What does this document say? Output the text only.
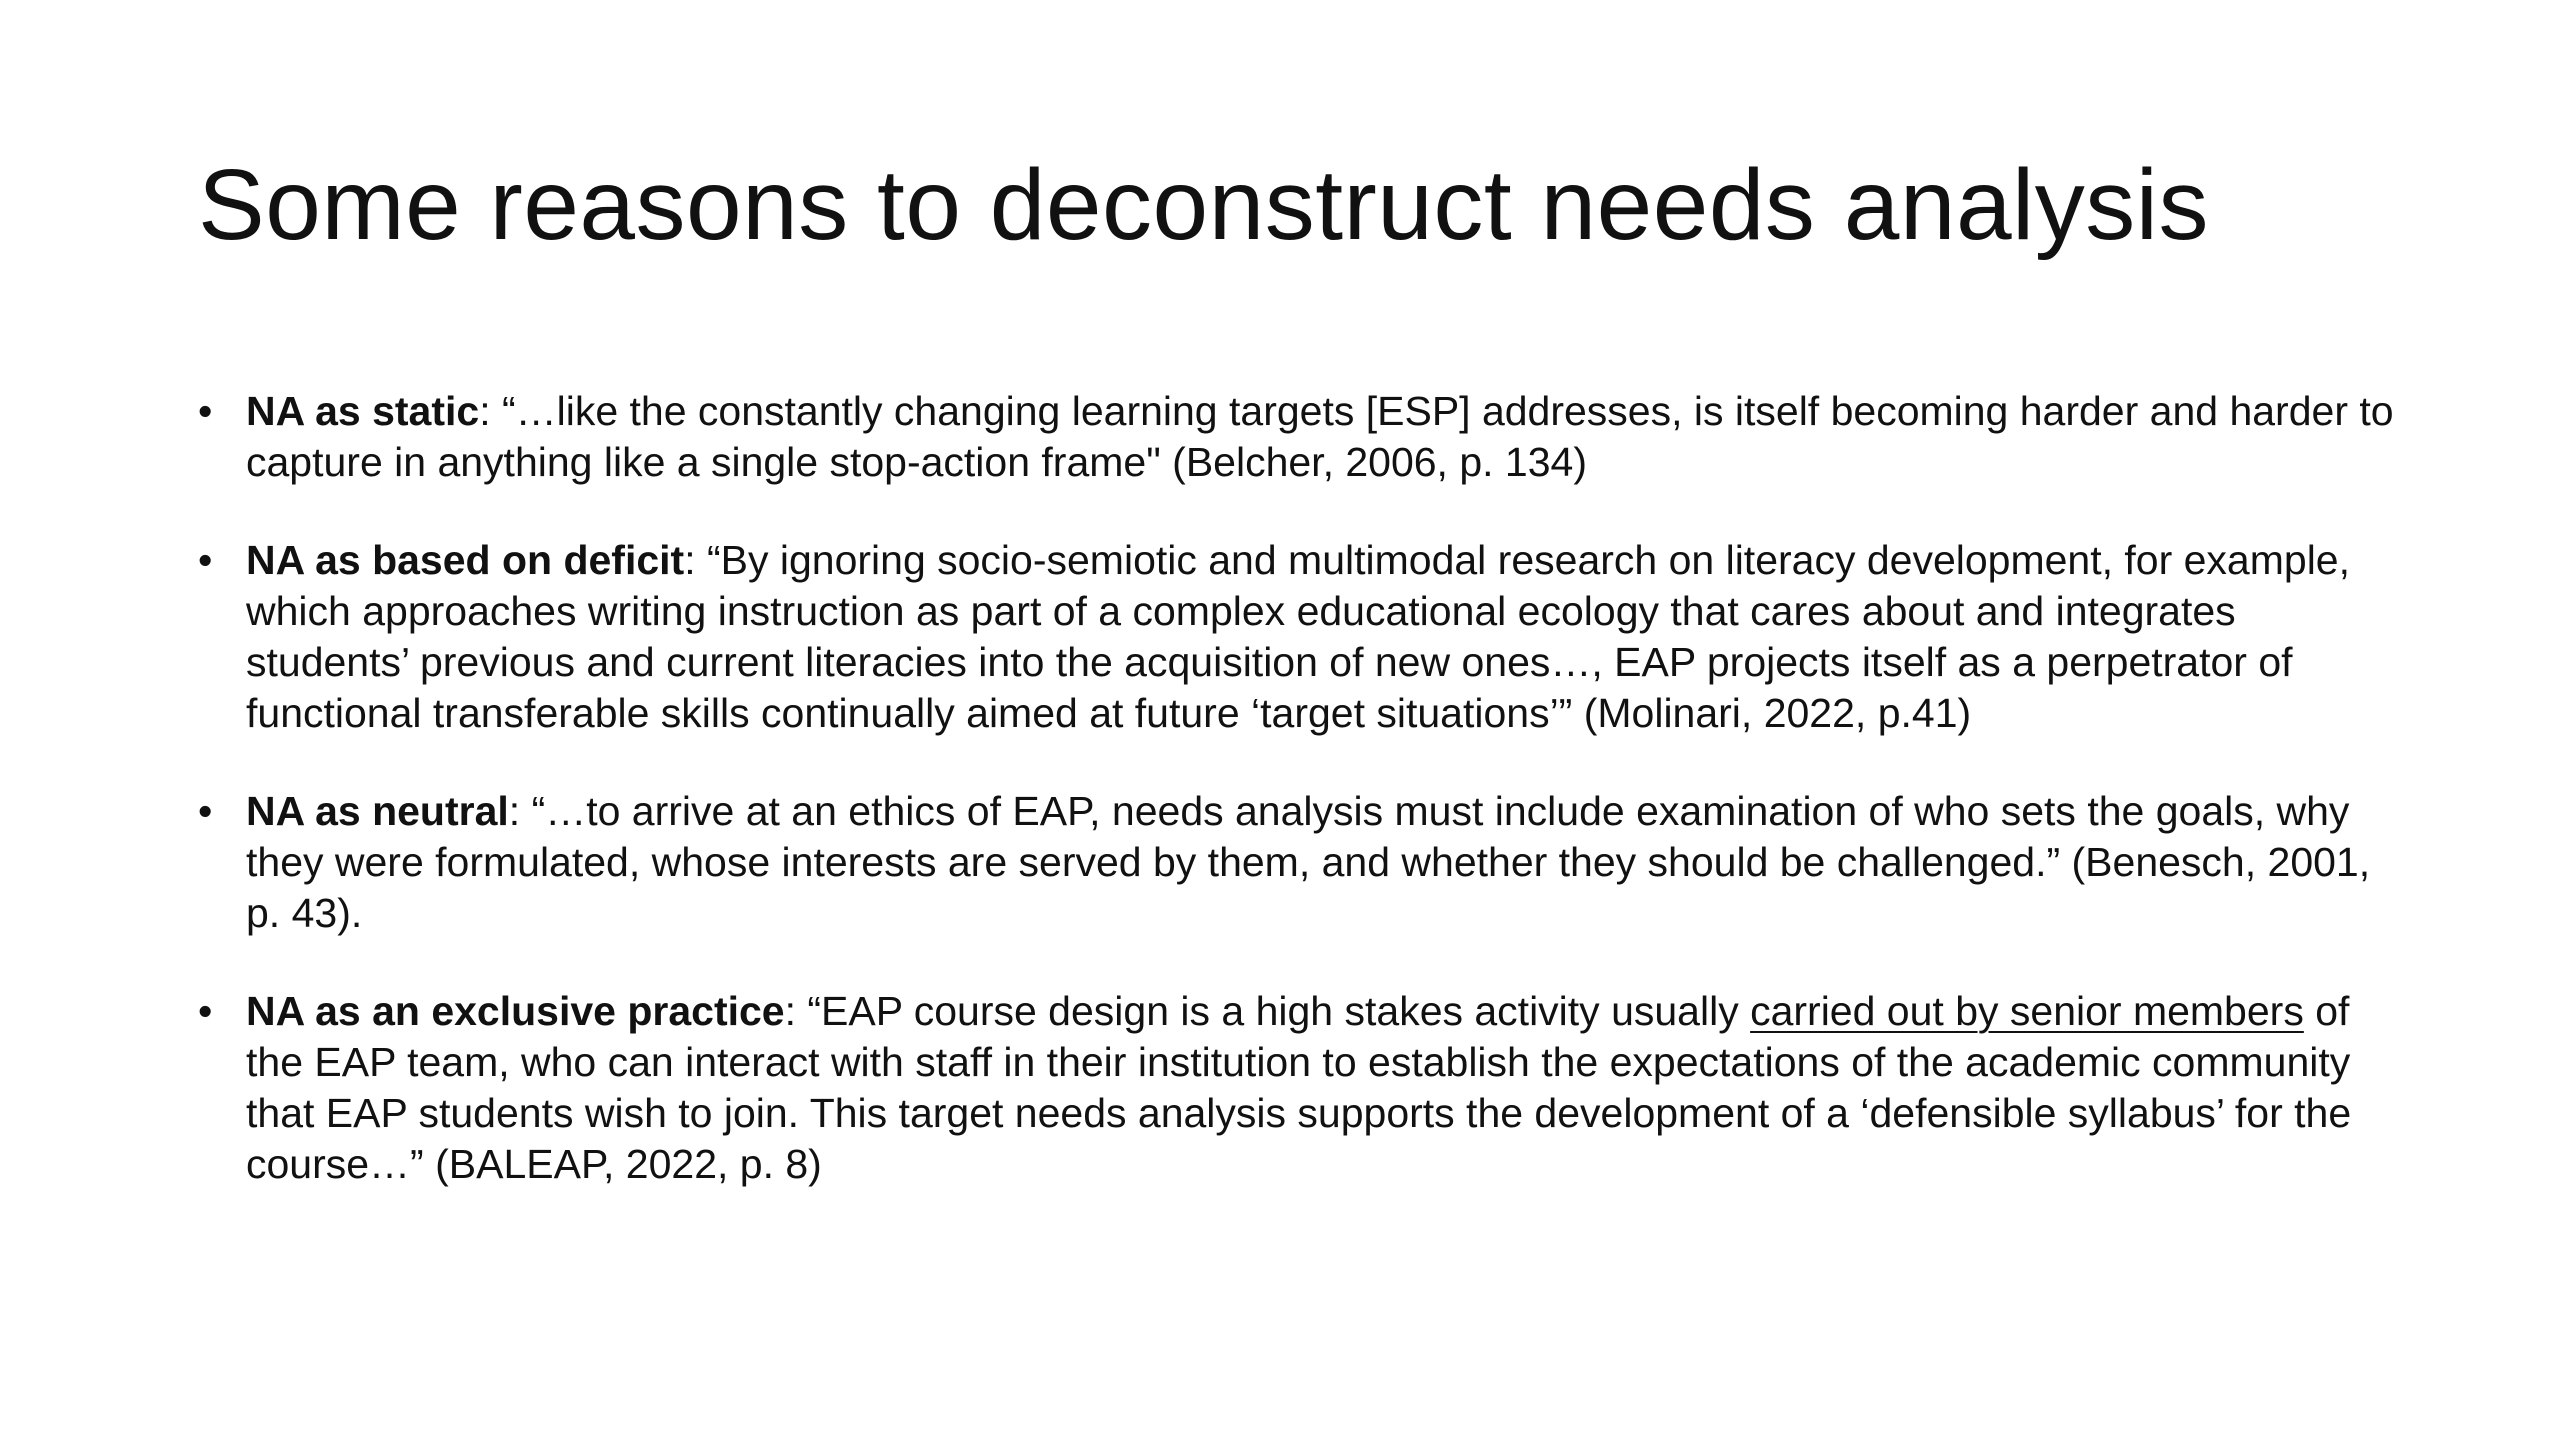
Some reasons to deconstruct needs analysis
• NA as static: “…like the constantly changing learning targets [ESP] addresses, is itself becoming harder and harder to capture in anything like a single stop-action frame" (Belcher, 2006, p. 134)
• NA as based on deficit: “By ignoring socio-semiotic and multimodal research on literacy development, for example, which approaches writing instruction as part of a complex educational ecology that cares about and integrates students’ previous and current literacies into the acquisition of new ones…, EAP projects itself as a perpetrator of functional transferable skills continually aimed at future ‘target situations’” (Molinari, 2022, p.41)
• NA as neutral: “…to arrive at an ethics of EAP, needs analysis must include examination of who sets the goals, why they were formulated, whose interests are served by them, and whether they should be challenged.” (Benesch, 2001, p. 43).
• NA as an exclusive practice: “EAP course design is a high stakes activity usually carried out by senior members of the EAP team, who can interact with staff in their institution to establish the expectations of the academic community that EAP students wish to join. This target needs analysis supports the development of a ‘defensible syllabus’ for the course…” (BALEAP, 2022, p. 8)
